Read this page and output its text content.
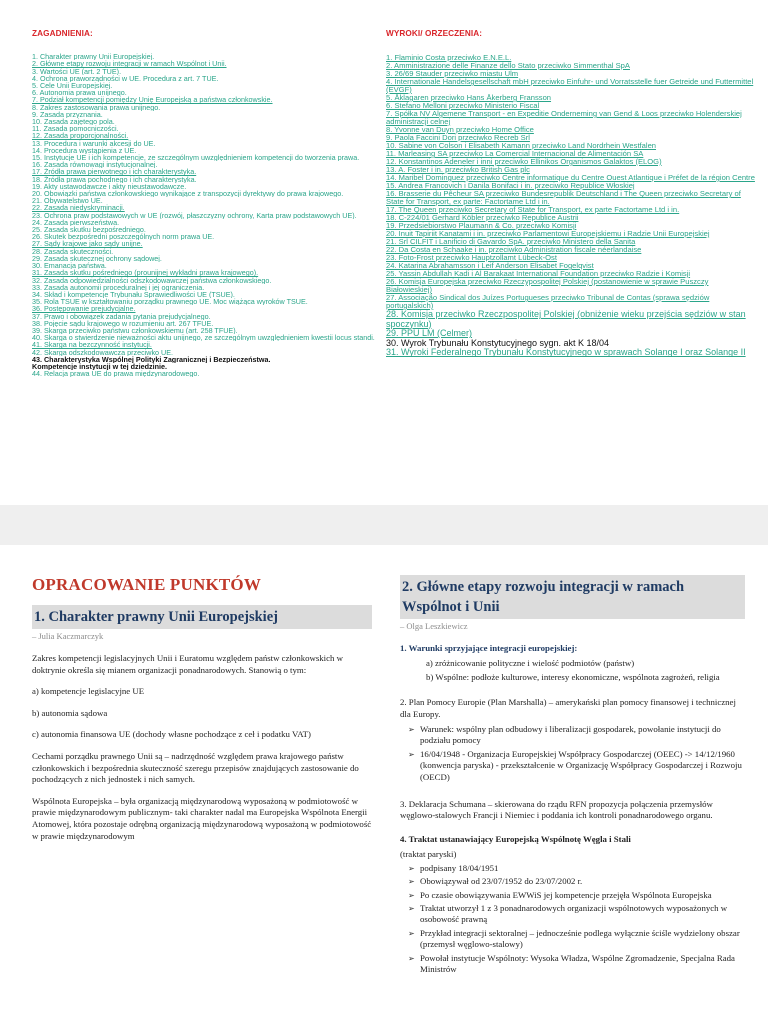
ZAGADNIENIA:
1. Charakter prawny Unii Europejskiej.
2. Główne etapy rozwoju integracji w ramach Wspólnot i Unii.
3. Wartości UE (art. 2 TUE).
4. Ochrona praworządności w UE. Procedura z art. 7 TUE.
5. Cele Unii Europejskiej.
6. Autonomia prawa unijnego.
7. Podział kompetencji pomiędzy Unię Europejską a państwa członkowskie.
8. Zakres zastosowania prawa unijnego.
9. Zasada przyznania.
10. Zasada zajętego pola.
11. Zasada pomocniczości.
12. Zasada proporcjonalności.
13. Procedura i warunki akcesji do UE.
14. Procedura wystąpienia z UE.
15. Instytucje UE i ich kompetencje, ze szczególnym uwzględnieniem kompetencji do tworzenia prawa.
16. Zasada równowagi instytucjonalnej.
17. Źródła prawa pierwotnego i ich charakterystyka.
18. Źródła prawa pochodnego i ich charakterystyka.
19. Akty ustawodawcze i akty nieustawodawcze.
20. Obowiązki państwa członkowskiego wynikające z transpozycji dyrektywy do prawa krajowego.
21. Obywatelstwo UE.
22. Zasada niedyskryminacji.
23. Ochrona praw podstawowych w UE (rozwój, płaszczyzny ochrony, Karta praw podstawowych UE).
24. Zasada pierwszeństwa.
25. Zasada skutku bezpośredniego.
26. Skutek bezpośredni poszczególnych norm prawa UE.
27. Sądy krajowe jako sądy unijne.
28. Zasada skuteczności.
29. Zasada skutecznej ochrony sądowej.
30. Emanacja państwa.
31. Zasada skutku pośredniego (prounijnej wykładni prawa krajowego).
32. Zasada odpowiedzialności odszkodowawczej państwa członkowskiego.
33. Zasada autonomii proceduralnej i jej ograniczenia.
34. Skład i kompetencje Trybunału Sprawiedliwości UE (TSUE).
35. Rola TSUE w kształtowaniu porządku prawnego UE. Moc wiążąca wyroków TSUE.
36. Postępowanie prejudycjalne.
37. Prawo i obowiązek zadania pytania prejudycjalnego.
38. Pojęcie sądu krajowego w rozumieniu art. 267 TFUE.
39. Skarga przeciwko państwu członkowskiemu (art. 258 TFUE).
40. Skarga o stwierdzenie nieważności aktu unijnego, ze szczególnym uwzględnieniem kwestii locus standi.
41. Skarga na bezczynność instytucji.
42. Skarga odszkodowawcza przeciwko UE.
43. Charakterystyka Wspólnej Polityki Zagranicznej i Bezpieczeństwa.
Kompetencje instytucji w tej dziedzinie.
44. Relacja prawa UE do prawa międzynarodowego.
WYROKI/ ORZECZENIA:
1. Flaminio Costa przeciwko E.N.E.L.
2. Amministrazione delle Finanze dello Stato przeciwko Simmenthal SpA
3. 26/69 Stauder przeciwko miastu Ulm
4. Internationale Handelsgesellschaft mbH przeciwko Einfuhr- und Vorratsstelle fuer Getreide und Futtermittel (EVGF)
5. Åklagaren przeciwko Hans Åkerberg Fransson
6. Stefano Melloni przeciwko Ministerio Fiscal
7. Spółka NV Algemene Transport - en Expeditie Onderneming van Gend & Loos przeciwko Holenderskiej administracji celnej
8. Yvonne van Duyn przeciwko Home Office
9. Paola Faccini Dori przeciwko Recreb Srl
10. Sabine von Colson i Elisabeth Kamann przeciwko Land Nordrhein Westfalen
11. Marleasing SA przeciwko La Comercial Internacional de Alimentación SA
12. Konstantinos Adeneler i inni przeciwko Ellinikos Organismos Galaktos (ELOG)
13. A. Foster i in. przeciwko British Gas plc
14. Maribel Dominguez przeciwko Centre informatique du Centre Ouest Atlantique i Préfet de la région Centre
15. Andrea Francovich i Danila Bonifaci i in. przeciwko Republice Włoskiej
16. Brasserie du Pêcheur SA przeciwko Bundesrepublik Deutschland i The Queen przeciwko Secretary of State for Transport, ex parte: Factortame Ltd i in.
17. The Queen przeciwko Secretary of State for Transport, ex parte Factortame Ltd i in.
18. C-224/01 Gerhard Köbler przeciwko Republice Austrii
19. Przedsiebiorstwo Plaumann & Co. przeciwko Komisji
20. Inuit Tapiriit Kanatami i in. przeciwko Parlamentowi Europejskiemu i Radzie Unii Europejskiej
21. Srl CILFIT i Lanificio di Gavardo SpA. przeciwko Ministero della Sanita
22. Da Costa en Schaake i in. przeciwko Administration fiscale néerlandaise
23. Foto-Frost przeciwko Hauptzollamt Lübeck-Ost
24. Katarina Abrahamsson i Leif Anderson Elisabet Fogelqvist
25. Yassin Abdullah Kadi i Al Barakaat International Foundation przeciwko Radzie i Komisji
26. Komisja Europejska przeciwko Rzeczypospolitej Polskiej (postanowienie w sprawie Puszczy Białowieskiej)
27. Associação Sindical dos Juízes Portugueses przeciwko Tribunal de Contas (sprawa sędziów portugalskich)
28. Komisja przeciwko Rzeczpospolitej Polskiej (obniżenie wieku przejścia sędziów w stan spoczynku)
29. PPU LM (Celmer)
30. Wyrok Trybunału Konstytucyjnego sygn. akt K 18/04
31. Wyroki Federalnego Trybunału Konstytucyjnego w sprawach Solange I oraz Solange II
OPRACOWANIE PUNKTÓW
1. Charakter prawny Unii Europejskiej
– Julia Kaczmarczyk

Zakres kompetencji legislacyjnych Unii i Euratomu względem państw członkowskich w doktrynie określa się mianem organizacji ponadnarodowych. Stanowią o tym:

a) kompetencje legislacyjne UE

b) autonomia sądowa

c) autonomia finansowa UE (dochody własne pochodzące z ceł i podatku VAT)

Cechami porządku prawnego Unii są – nadrzędność względem prawa krajowego państw członkowskich i bezpośrednia skuteczność szeregu przepisów znajdujących zastosowanie do pochodzących z nich jednostek i nich samych.

Wspólnota Europejska – była organizacją międzynarodową wyposażoną w podmiotowość w prawie międzynarodowym publicznym- taki charakter nadal ma Europejska Wspólnota Energii Atomowej, która pozostaje odrębną organizacją międzynarodową wyposażoną w podmiotowość w prawie międzynarodowym

2. Główne etapy rozwoju integracji w ramach Wspólnot i Unii
– Olga Leszkiewicz
1. Warunki sprzyjające integracji europejskiej:
a) zróżnicowanie polityczne i wielość podmiotów (państw)
b) Wspólne: podłoże kulturowe, interesy ekonomiczne, wspólnota zagrożeń, religia
2. Plan Pomocy Europie (Plan Marshalla) – amerykański plan pomocy finansowej i technicznej dla Europy.
➢ Warunek: wspólny plan odbudowy i liberalizacji gospodarek, powołanie instytucji do podziału pomocy
➢ 16/04/1948 - Organizacja Europejskiej Współpracy Gospodarczej (OEEC) -> 14/12/1960 (konwencja paryska) - przekształcenie w Organizację Współpracy Gospodarczej i Rozwoju (OECD)
3. Deklaracja Schumana – skierowana do rządu RFN propozycja połączenia przemysłów węglowo-stalowych Francji i Niemiec i poddania ich kontroli ponadnarodowego organu.
4. Traktat ustanawiający Europejską Wspólnotę Węgla i Stali
(traktat paryski)
➢ podpisany 18/04/1951
➢ Obowiązywał od 23/07/1952 do 23/07/2002 r.
➢ Po czasie obowiązywania EWWiS jej kompetencje przejęła Wspólnota Europejska
➢ Traktat utworzył 1 z 3 ponadnarodowych organizacji wspólnotowych wyposażonych w osobowość prawną
➢ Przykład integracji sektoralnej – jednocześnie podlega wyłącznie ściśle wydzielony obszar (przemysł węglowo-stalowy)
➢ Powołał instytucje Wspólnoty: Wysoka Władza, Wspólne Zgromadzenie, Specjalna Rada Ministrów
